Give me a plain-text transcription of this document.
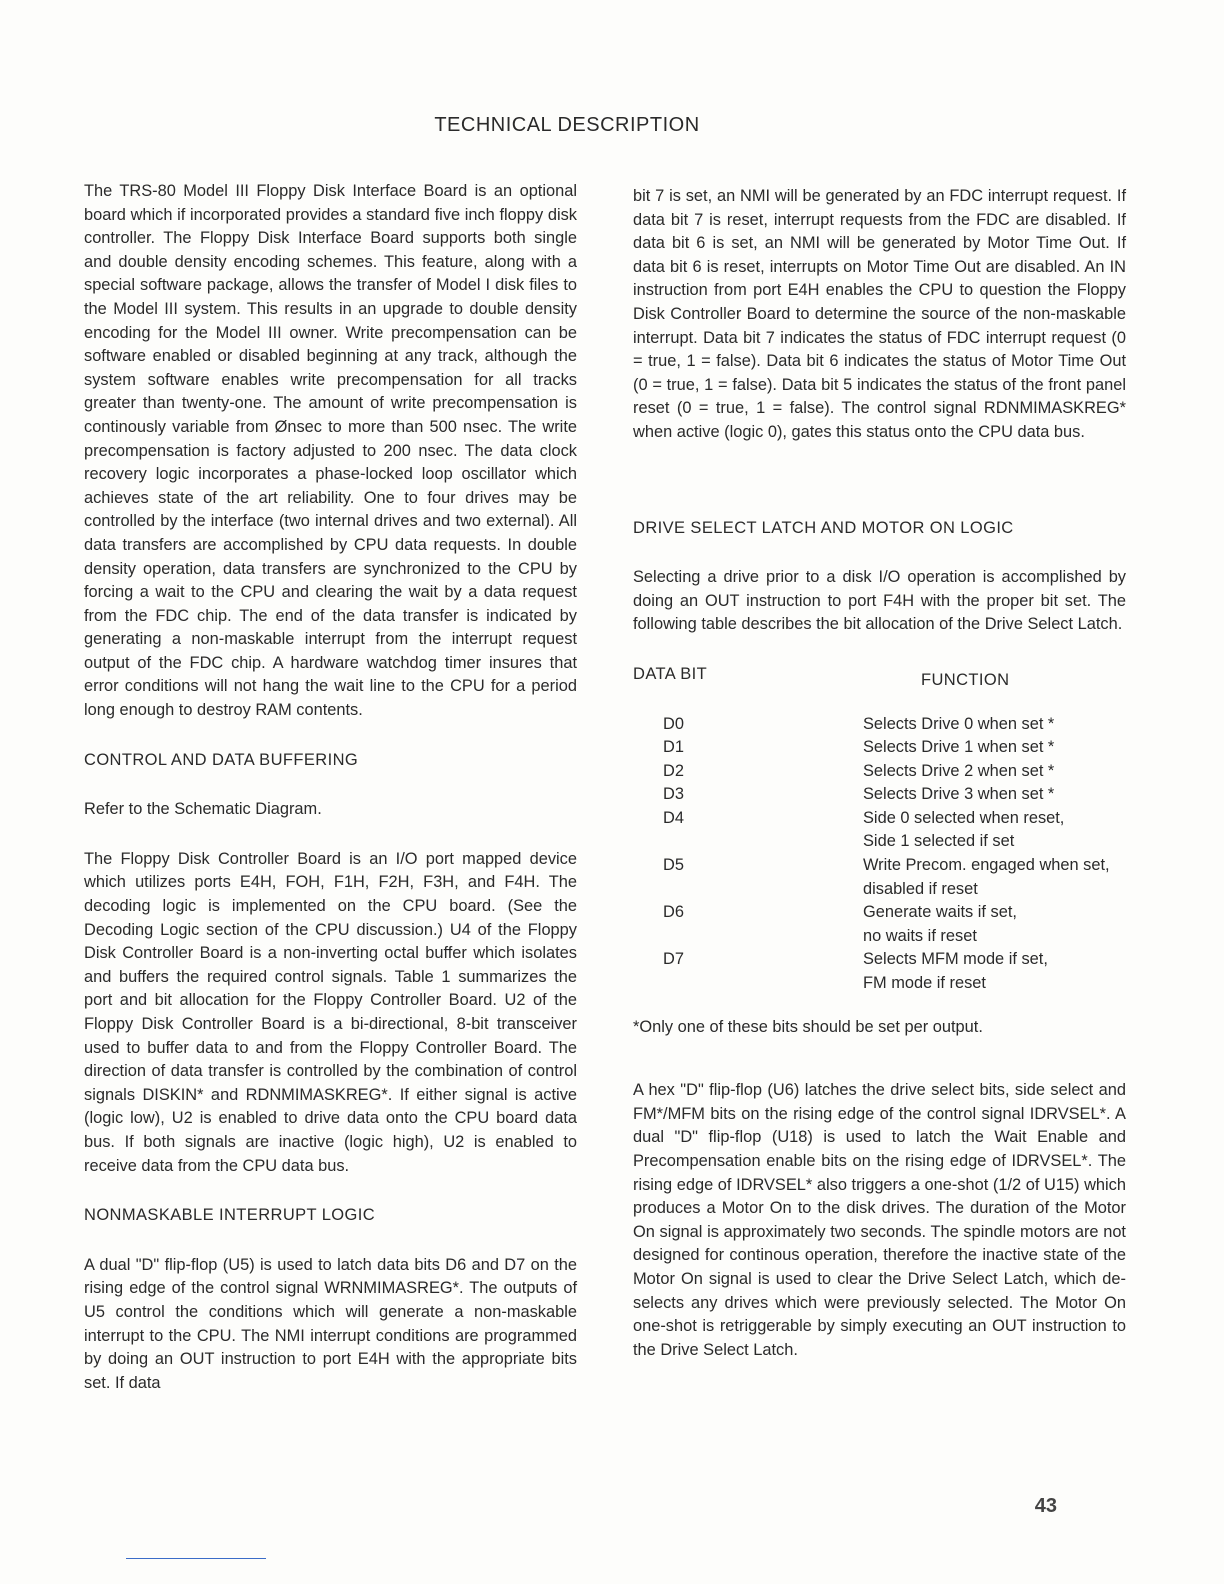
TECHNICAL DESCRIPTION

The TRS-80 Model III Floppy Disk Interface Board is an optional board which if incorporated provides a standard five inch floppy disk controller. The Floppy Disk Interface Board supports both single and double density encoding schemes. This feature, along with a special software package, allows the transfer of Model I disk files to the Model III system. This results in an upgrade to double density encoding for the Model III owner. Write precompensation can be software enabled or disabled beginning at any track, although the system software enables write precompensation for all tracks greater than twenty-one. The amount of write precompensation is continously variable from Ønsec to more than 500 nsec. The write precompensation is factory adjusted to 200 nsec. The data clock recovery logic incorporates a phase-locked loop oscillator which achieves state of the art reliability. One to four drives may be controlled by the interface (two internal drives and two external). All data transfers are accomplished by CPU data requests. In double density operation, data transfers are synchronized to the CPU by forcing a wait to the CPU and clearing the wait by a data request from the FDC chip. The end of the data transfer is indicated by generating a non-maskable interrupt from the interrupt request output of the FDC chip. A hardware watchdog timer insures that error conditions will not hang the wait line to the CPU for a period long enough to destroy RAM contents.

CONTROL AND DATA BUFFERING

Refer to the Schematic Diagram.

The Floppy Disk Controller Board is an I/O port mapped device which utilizes ports E4H, FOH, F1H, F2H, F3H, and F4H. The decoding logic is implemented on the CPU board. (See the Decoding Logic section of the CPU discussion.) U4 of the Floppy Disk Controller Board is a non-inverting octal buffer which isolates and buffers the required control signals. Table 1 summarizes the port and bit allocation for the Floppy Controller Board. U2 of the Floppy Disk Controller Board is a bi-directional, 8-bit transceiver used to buffer data to and from the Floppy Controller Board. The direction of data transfer is controlled by the combination of control signals DISKIN* and RDNMIMASKREG*. If either signal is active (logic low), U2 is enabled to drive data onto the CPU board data bus. If both signals are inactive (logic high), U2 is enabled to receive data from the CPU data bus.

NONMASKABLE INTERRUPT LOGIC

A dual "D" flip-flop (U5) is used to latch data bits D6 and D7 on the rising edge of the control signal WRNMIMASREG*. The outputs of U5 control the conditions which will generate a non-maskable interrupt to the CPU. The NMI interrupt conditions are programmed by doing an OUT instruction to port E4H with the appropriate bits set. If data

bit 7 is set, an NMI will be generated by an FDC interrupt request. If data bit 7 is reset, interrupt requests from the FDC are disabled. If data bit 6 is set, an NMI will be generated by Motor Time Out. If data bit 6 is reset, interrupts on Motor Time Out are disabled. An IN instruction from port E4H enables the CPU to question the Floppy Disk Controller Board to determine the source of the non-maskable interrupt. Data bit 7 indicates the status of FDC interrupt request (0 = true, 1 = false). Data bit 6 indicates the status of Motor Time Out (0 = true, 1 = false). Data bit 5 indicates the status of the front panel reset (0 = true, 1 = false). The control signal RDNMIMASKREG* when active (logic 0), gates this status onto the CPU data bus.

DRIVE SELECT LATCH AND MOTOR ON LOGIC

Selecting a drive prior to a disk I/O operation is accomplished by doing an OUT instruction to port F4H with the proper bit set. The following table describes the bit allocation of the Drive Select Latch.

DATA BIT	FUNCTION
D0	Selects Drive 0 when set *
D1	Selects Drive 1 when set *
D2	Selects Drive 2 when set *
D3	Selects Drive 3 when set *
D4	Side 0 selected when reset,
Side 1 selected if set
D5	Write Precom. engaged when set,
disabled if reset
D6	Generate waits if set,
no waits if reset
D7	Selects MFM mode if set,
FM mode if reset

*Only one of these bits should be set per output.

A hex "D" flip-flop (U6) latches the drive select bits, side select and FM*/MFM bits on the rising edge of the control signal IDRVSEL*. A dual "D" flip-flop (U18) is used to latch the Wait Enable and Precompensation enable bits on the rising edge of IDRVSEL*. The rising edge of IDRVSEL* also triggers a one-shot (1/2 of U15) which produces a Motor On to the disk drives. The duration of the Motor On signal is approximately two seconds. The spindle motors are not designed for continous operation, therefore the inactive state of the Motor On signal is used to clear the Drive Select Latch, which de-selects any drives which were previously selected. The Motor On one-shot is retriggerable by simply executing an OUT instruction to the Drive Select Latch.

43
